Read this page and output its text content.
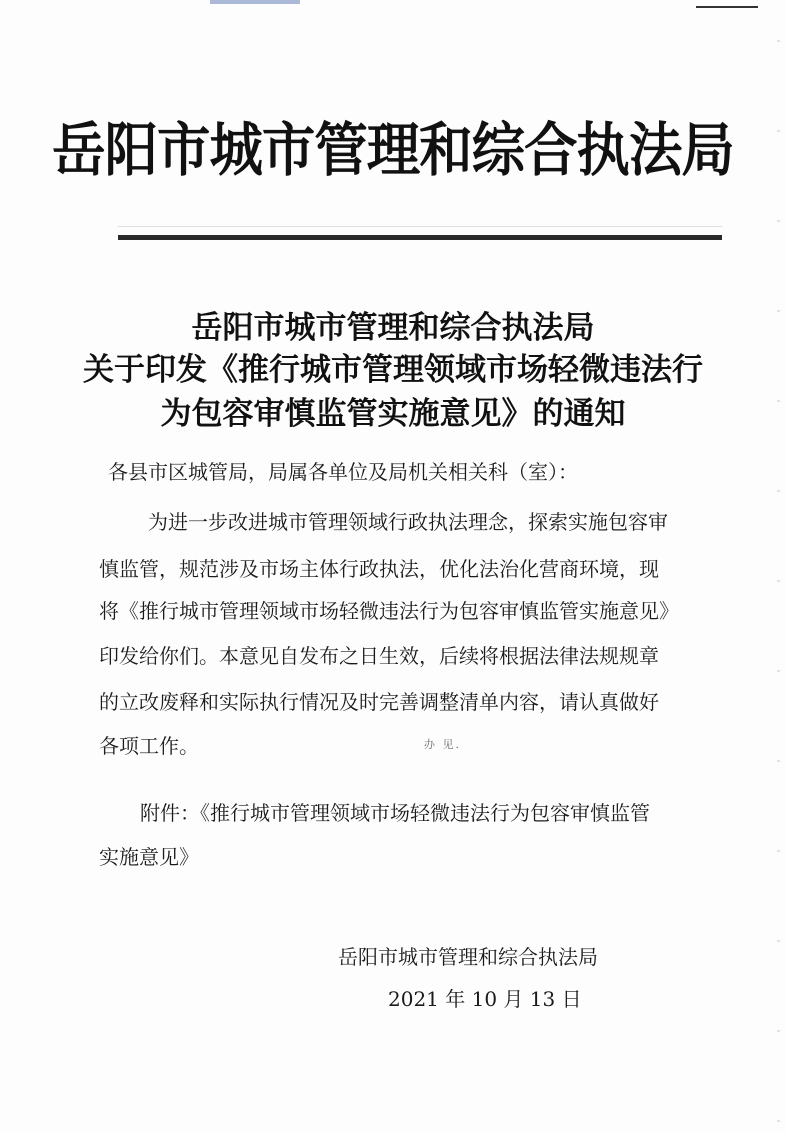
岳阳市城市管理和综合执法局
岳阳市城市管理和综合执法局
关于印发《推行城市管理领域市场轻微违法行
为包容审慎监管实施意见》的通知
各县市区城管局，局属各单位及局机关相关科（室）：
为进一步改进城市管理领域行政执法理念，探索实施包容审
慎监管，规范涉及市场主体行政执法，优化法治化营商环境，现
将《推行城市管理领域市场轻微违法行为包容审慎监管实施意见》
印发给你们。本意见自发布之日生效，后续将根据法律法规规章
的立改废释和实际执行情况及时完善调整清单内容，请认真做好
各项工作。	办 见.
附件：《推行城市管理领域市场轻微违法行为包容审慎监管
实施意见》
岳阳市城市管理和综合执法局
2021 年 10 月 13 日
